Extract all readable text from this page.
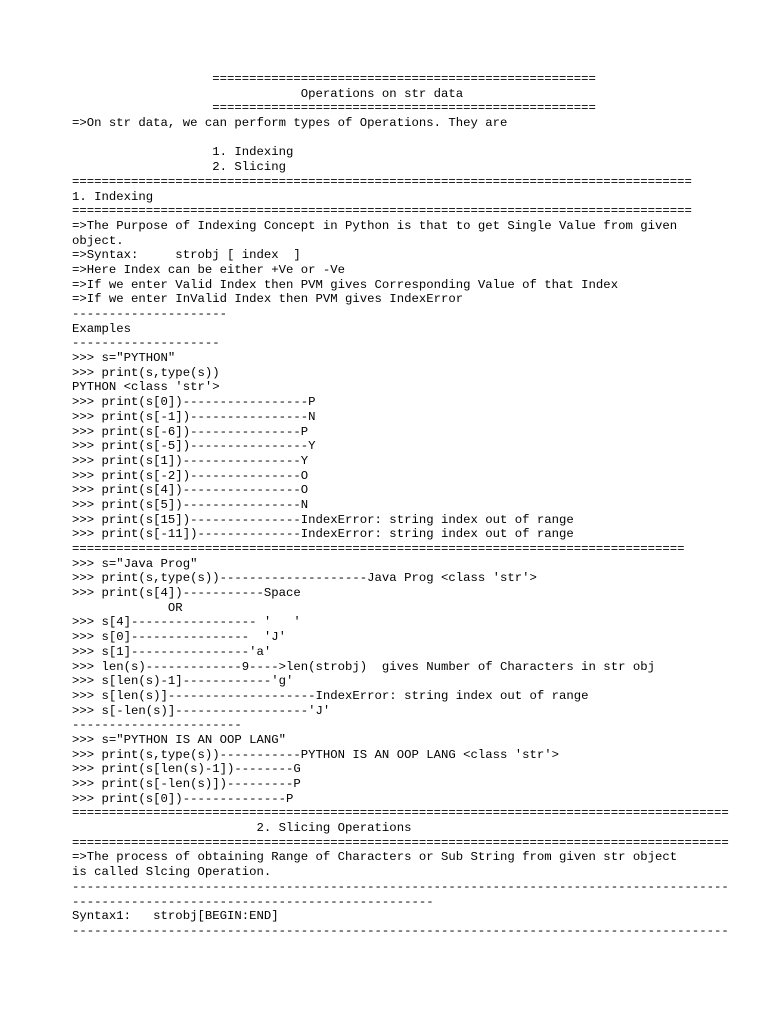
====================================================
Operations on str data
====================================================
=>On str data, we can perform types of Operations. They are
1. Indexing
2. Slicing
====================================================================================
1. Indexing
====================================================================================
=>The Purpose of Indexing Concept in Python is that to get Single Value from given
object.
=>Syntax:     strobj [ index  ]
=>Here Index can be either +Ve or -Ve
=>If we enter Valid Index then PVM gives Corresponding Value of that Index
=>If we enter InValid Index then PVM gives IndexError
---------------------
Examples
--------------------
>>> s="PYTHON"
>>> print(s,type(s))
PYTHON <class 'str'>
>>> print(s[0])-----------------P
>>> print(s[-1])----------------N
>>> print(s[-6])---------------P
>>> print(s[-5])----------------Y
>>> print(s[1])----------------Y
>>> print(s[-2])---------------O
>>> print(s[4])----------------O
>>> print(s[5])----------------N
>>> print(s[15])---------------IndexError: string index out of range
>>> print(s[-11])--------------IndexError: string index out of range
===================================================================================
>>> s="Java Prog"
>>> print(s,type(s))--------------------Java Prog <class 'str'>
>>> print(s[4])-----------Space
OR
>>> s[4]----------------- '   '
>>> s[0]----------------  'J'
>>> s[1]----------------'a'
>>> len(s)-------------9---->len(strobj)  gives Number of Characters in str obj
>>> s[len(s)-1]------------'g'
>>> s[len(s)]--------------------IndexError: string index out of range
>>> s[-len(s)]------------------'J'
-----------------------
>>> s="PYTHON IS AN OOP LANG"
>>> print(s,type(s))-----------PYTHON IS AN OOP LANG <class 'str'>
>>> print(s[len(s)-1])--------G
>>> print(s[-len(s)])---------P
>>> print(s[0])--------------P
=========================================================================================
2. Slicing Operations
=========================================================================================
=>The process of obtaining Range of Characters or Sub String from given str object
is called Slcing Operation.
-----------------------------------------------------------------------------------------
-------------------------------------------------
Syntax1:   strobj[BEGIN:END]
-----------------------------------------------------------------------------------------
